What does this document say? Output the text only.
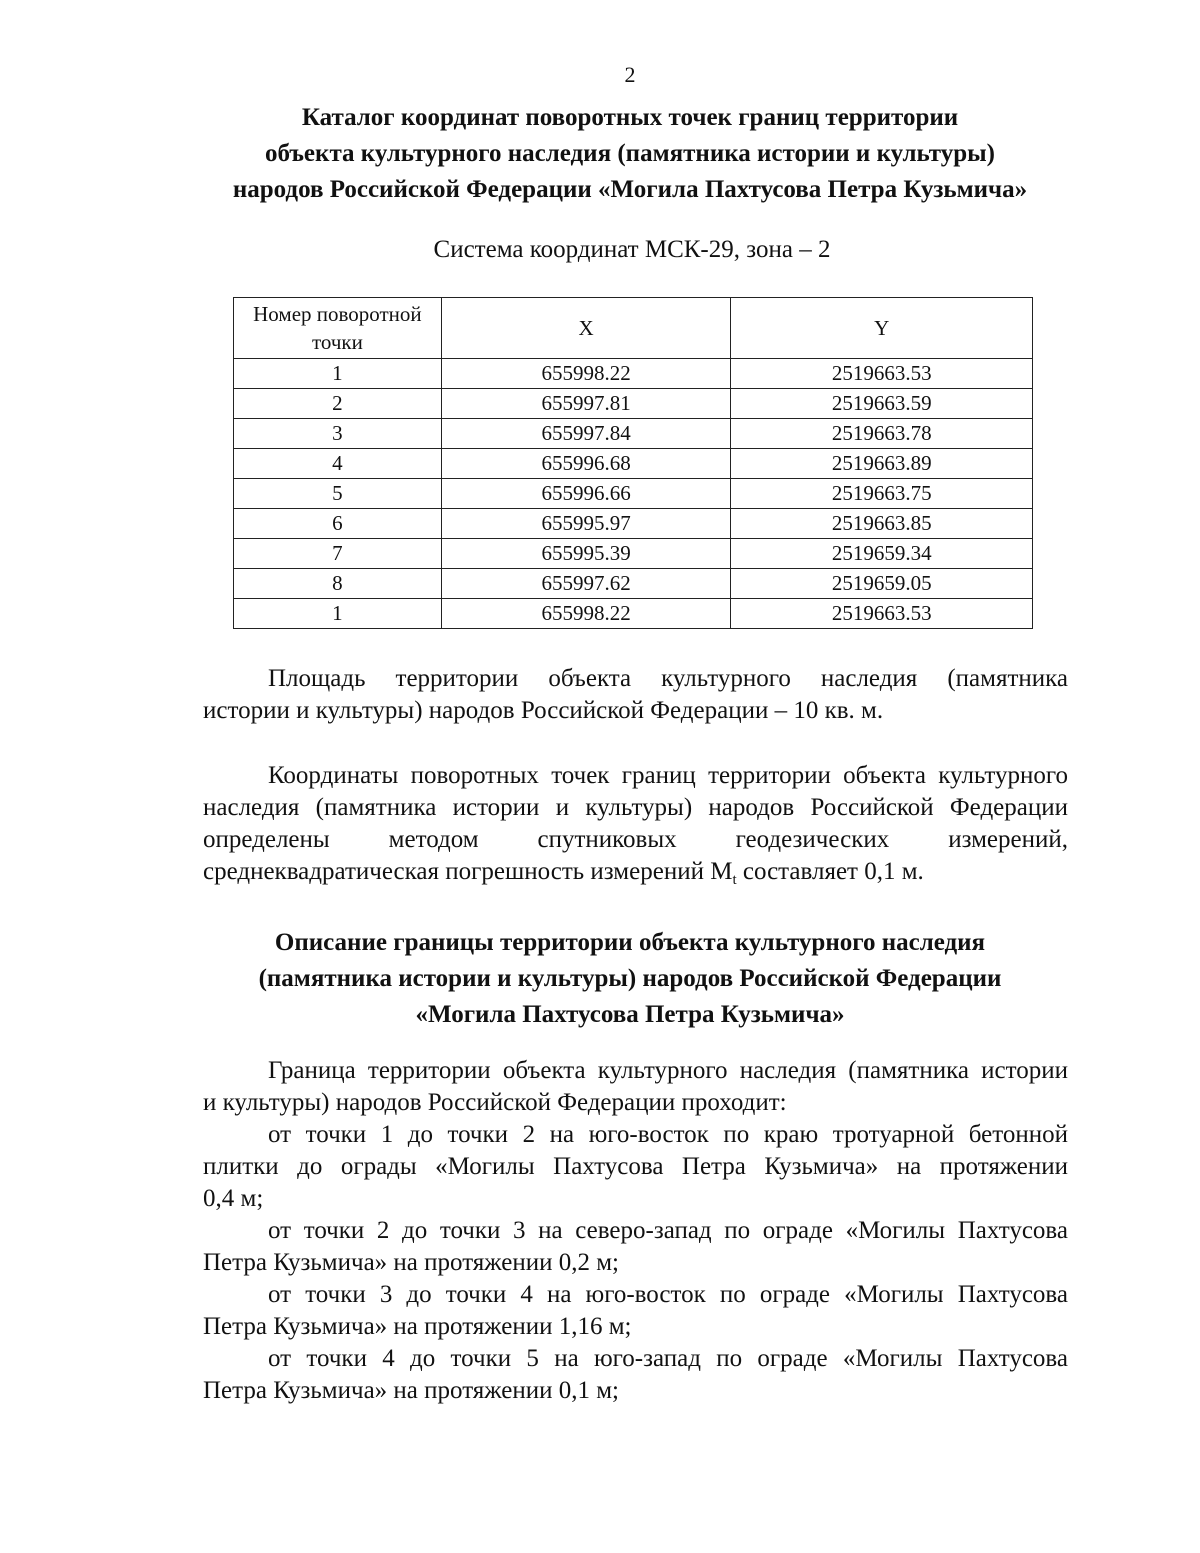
2
Каталог координат поворотных точек границ территории
объекта культурного наследия (памятника истории и культуры)
народов Российской Федерации «Могила Пахтусова Петра Кузьмича»
Система координат МСК-29, зона – 2
Номер поворотной точки	X	Y
1	655998.22	2519663.53
2	655997.81	2519663.59
3	655997.84	2519663.78
4	655996.68	2519663.89
5	655996.66	2519663.75
6	655995.97	2519663.85
7	655995.39	2519659.34
8	655997.62	2519659.05
1	655998.22	2519663.53
Площадь территории объекта культурного наследия (памятника
истории и культуры) народов Российской Федерации – 10 кв. м.
Координаты поворотных точек границ территории объекта культурного
наследия (памятника истории и культуры) народов Российской Федерации
определены методом спутниковых геодезических измерений,
среднеквадратическая погрешность измерений $M_t$ составляет 0,1 м.
Описание границы территории объекта культурного наследия
(памятника истории и культуры) народов Российской Федерации
«Могила Пахтусова Петра Кузьмича»
Граница территории объекта культурного наследия (памятника истории
и культуры) народов Российской Федерации проходит:
от точки 1 до точки 2 на юго-восток по краю тротуарной бетонной
плитки до ограды «Могилы Пахтусова Петра Кузьмича» на протяжении
0,4 м;
от точки 2 до точки 3 на северо-запад по ограде «Могилы Пахтусова
Петра Кузьмича» на протяжении 0,2 м;
от точки 3 до точки 4 на юго-восток по ограде «Могилы Пахтусова
Петра Кузьмича» на протяжении 1,16 м;
от точки 4 до точки 5 на юго-запад по ограде «Могилы Пахтусова
Петра Кузьмича» на протяжении 0,1 м;
